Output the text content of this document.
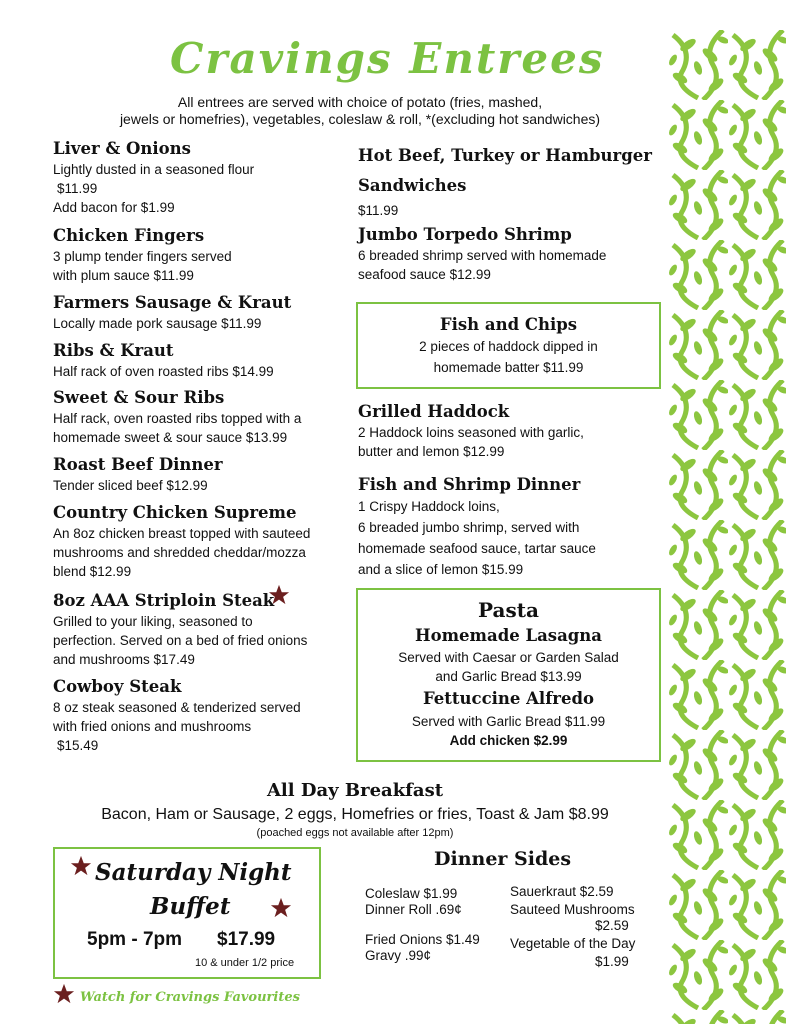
Cravings Entrees
All entrees are served with choice of potato (fries, mashed,
jewels or homefries), vegetables, coleslaw & roll, *(excluding hot sandwiches)
Liver & Onions
Lightly dusted in a seasoned flour
$11.99
Add bacon for $1.99
Chicken Fingers
3 plump tender fingers served
with plum sauce $11.99
Farmers Sausage & Kraut
Locally made pork sausage $11.99
Ribs & Kraut
Half rack of oven roasted ribs $14.99
Sweet & Sour Ribs
Half rack, oven roasted ribs topped with a
homemade sweet & sour sauce $13.99
Roast Beef Dinner
Tender sliced beef $12.99
Country Chicken Supreme
An 8oz chicken breast topped with sauteed
mushrooms and shredded cheddar/mozza
blend $12.99
8oz AAA Striploin Steak
Grilled to your liking, seasoned to
perfection. Served on a bed of fried onions
and mushrooms $17.49
Cowboy Steak
8 oz steak seasoned & tenderized served
with fried onions and mushrooms
$15.49
Hot Beef, Turkey or Hamburger
Sandwiches
$11.99
Jumbo Torpedo Shrimp
6 breaded shrimp served with homemade
seafood sauce $12.99
Fish and Chips
2 pieces of haddock dipped in
homemade batter $11.99
Grilled Haddock
2 Haddock loins seasoned with garlic,
butter and lemon $12.99
Fish and Shrimp Dinner
1 Crispy Haddock loins,
6 breaded jumbo shrimp, served with
homemade seafood sauce, tartar sauce
and a slice of lemon $15.99
Pasta
Homemade Lasagna
Served with Caesar or Garden Salad
and Garlic Bread $13.99
Fettuccine Alfredo
Served with Garlic Bread $11.99
Add chicken $2.99
All Day Breakfast
Bacon, Ham or Sausage, 2 eggs, Homefries or fries, Toast & Jam $8.99
(poached eggs not available after 12pm)
Saturday Night
Buffet
5pm - 7pm $17.99
10 & under 1/2 price
Watch for Cravings Favourites
Dinner Sides
Coleslaw $1.99
Dinner Roll .69¢
Fried Onions $1.49
Gravy .99¢
Sauerkraut $2.59
Sauteed Mushrooms
$2.59
Vegetable of the Day
$1.99
